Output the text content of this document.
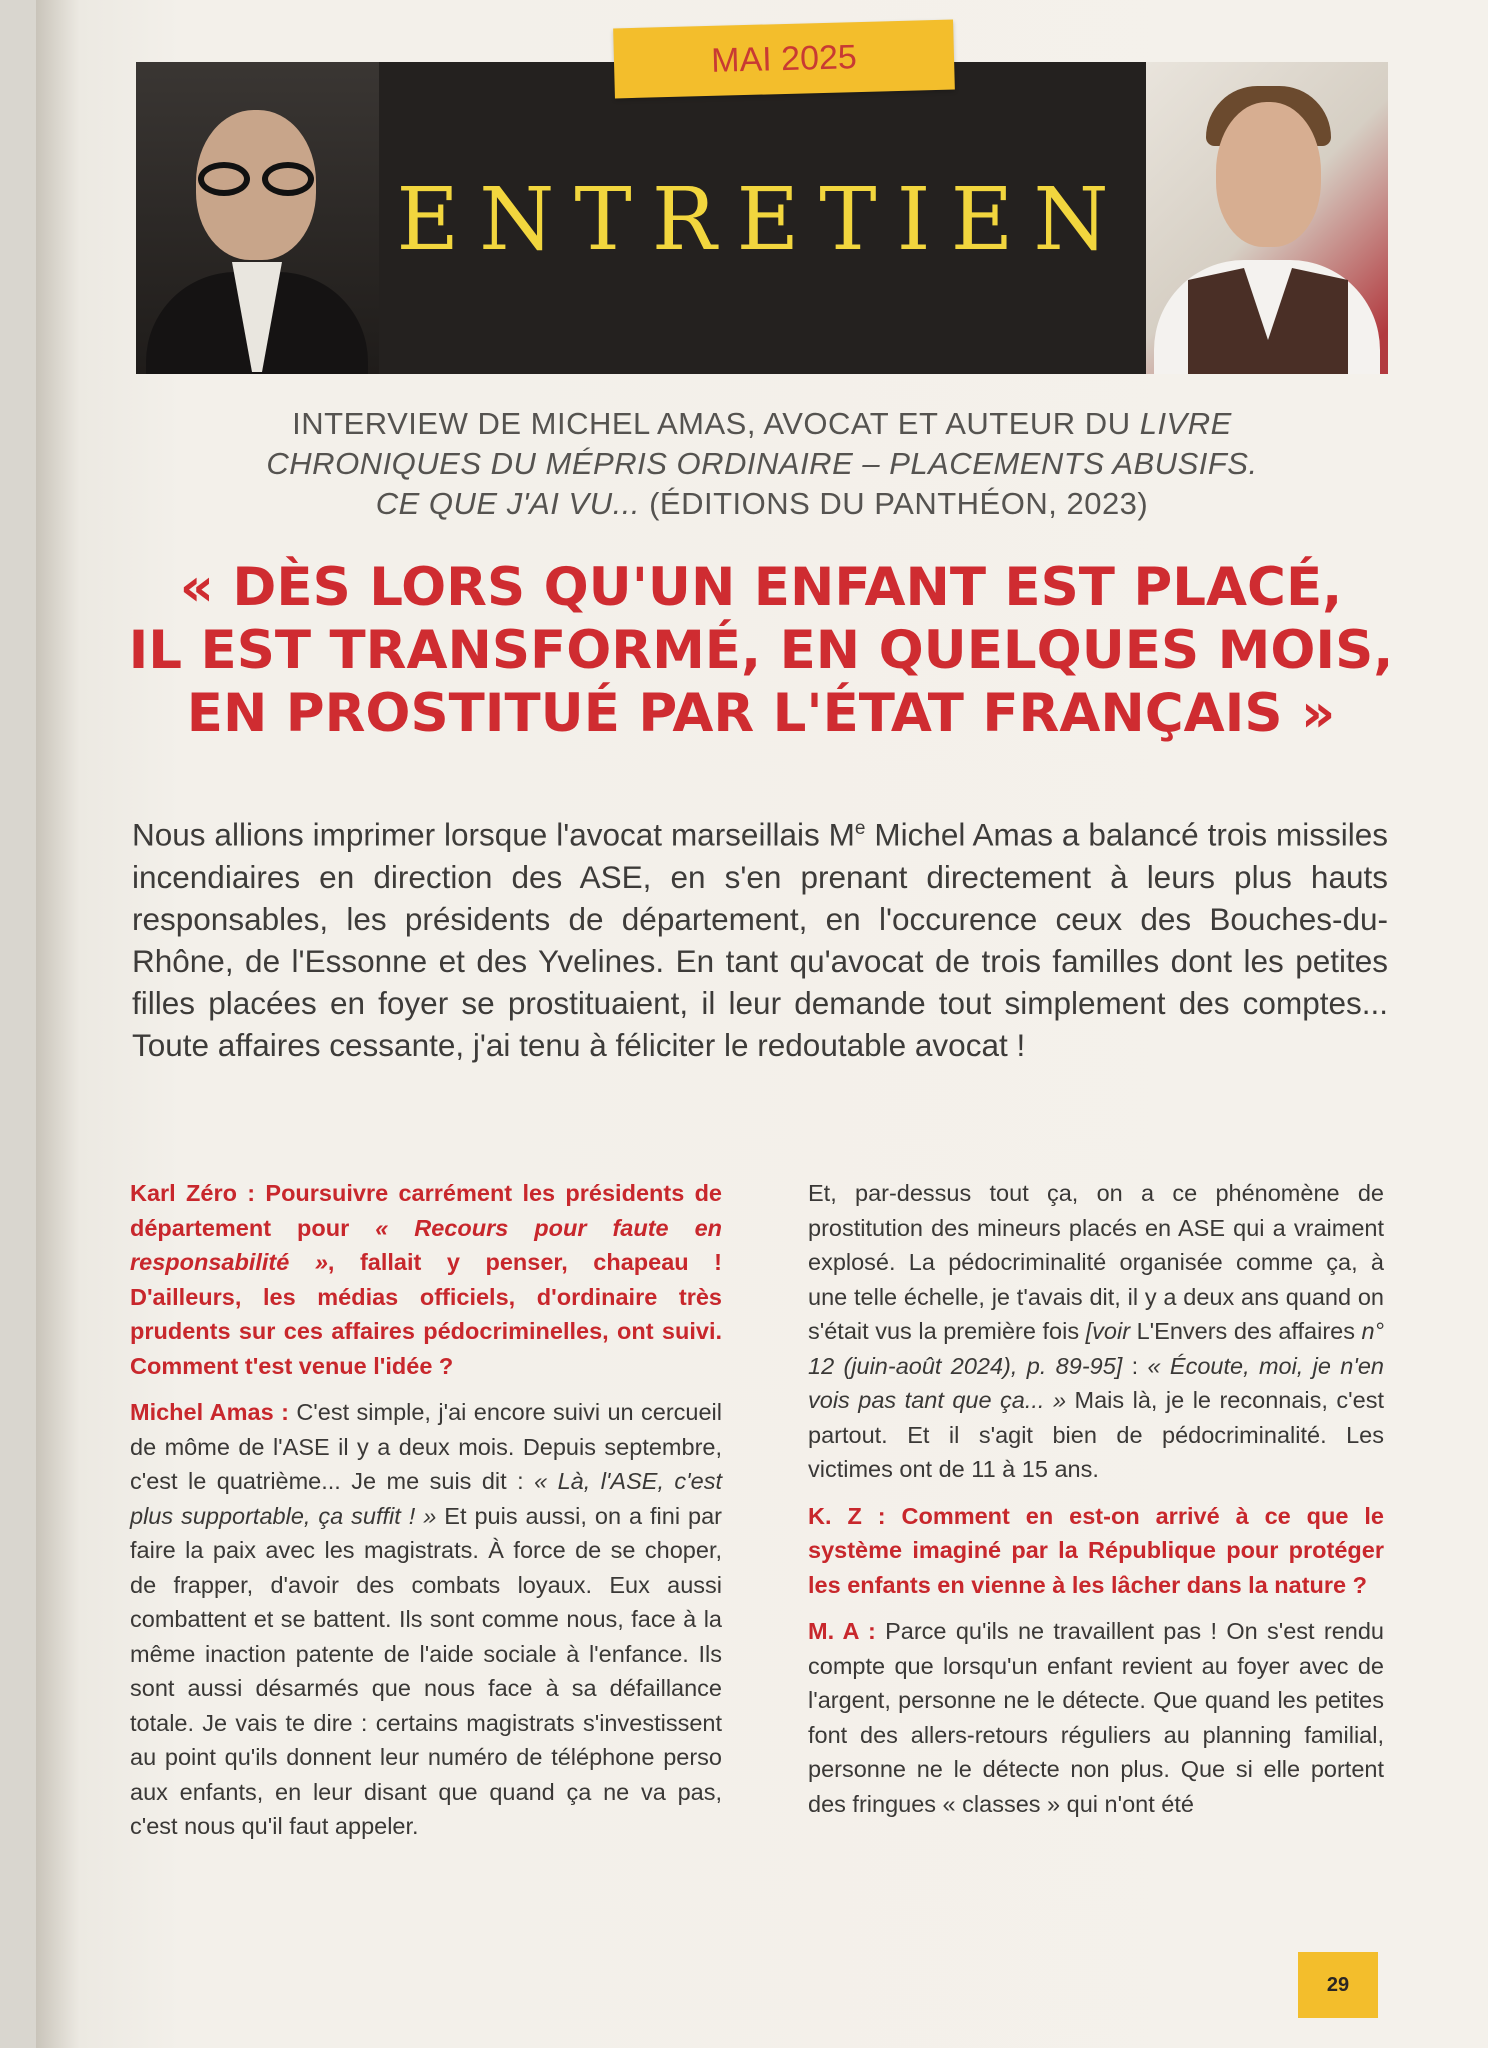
ENTRETIEN
MAI 2025
INTERVIEW DE MICHEL AMAS, AVOCAT ET AUTEUR DU LIVRE
CHRONIQUES DU MÉPRIS ORDINAIRE – PLACEMENTS ABUSIFS.
CE QUE J'AI VU... (ÉDITIONS DU PANTHÉON, 2023)
« DÈS LORS QU'UN ENFANT EST PLACÉ,
IL EST TRANSFORMÉ, EN QUELQUES MOIS,
EN PROSTITUÉ PAR L'ÉTAT FRANÇAIS »
Nous allions imprimer lorsque l'avocat marseillais Me Michel Amas a balancé trois missiles incendiaires en direction des ASE, en s'en prenant directement à leurs plus hauts responsables, les présidents de département, en l'occurence ceux des Bouches-du-Rhône, de l'Essonne et des Yvelines. En tant qu'avocat de trois familles dont les petites filles placées en foyer se prostituaient, il leur demande tout simplement des comptes... Toute affaires cessante, j'ai tenu à féliciter le redoutable avocat !

Karl Zéro : Poursuivre carrément les présidents de département pour « Recours pour faute en responsabilité », fallait y penser, chapeau ! D'ailleurs, les médias officiels, d'ordinaire très prudents sur ces affaires pédocriminelles, ont suivi. Comment t'est venue l'idée ?

Michel Amas : C'est simple, j'ai encore suivi un cercueil de môme de l'ASE il y a deux mois. Depuis septembre, c'est le quatrième... Je me suis dit : « Là, l'ASE, c'est plus supportable, ça suffit ! » Et puis aussi, on a fini par faire la paix avec les magistrats. À force de se choper, de frapper, d'avoir des combats loyaux. Eux aussi combattent et se battent. Ils sont comme nous, face à la même inaction patente de l'aide sociale à l'enfance. Ils sont aussi désarmés que nous face à sa défaillance totale. Je vais te dire : certains magistrats s'investissent au point qu'ils donnent leur numéro de téléphone perso aux enfants, en leur disant que quand ça ne va pas, c'est nous qu'il faut appeler.

Et, par-dessus tout ça, on a ce phénomène de prostitution des mineurs placés en ASE qui a vraiment explosé. La pédocriminalité organisée comme ça, à une telle échelle, je t'avais dit, il y a deux ans quand on s'était vus la première fois [voir L'Envers des affaires n° 12 (juin-août 2024), p. 89-95] : « Écoute, moi, je n'en vois pas tant que ça... » Mais là, je le reconnais, c'est partout. Et il s'agit bien de pédocriminalité. Les victimes ont de 11 à 15 ans.

K. Z : Comment en est-on arrivé à ce que le système imaginé par la République pour protéger les enfants en vienne à les lâcher dans la nature ?

M. A : Parce qu'ils ne travaillent pas ! On s'est rendu compte que lorsqu'un enfant revient au foyer avec de l'argent, personne ne le détecte. Que quand les petites font des allers-retours réguliers au planning familial, personne ne le détecte non plus. Que si elle portent des fringues « classes » qui n'ont été

29
